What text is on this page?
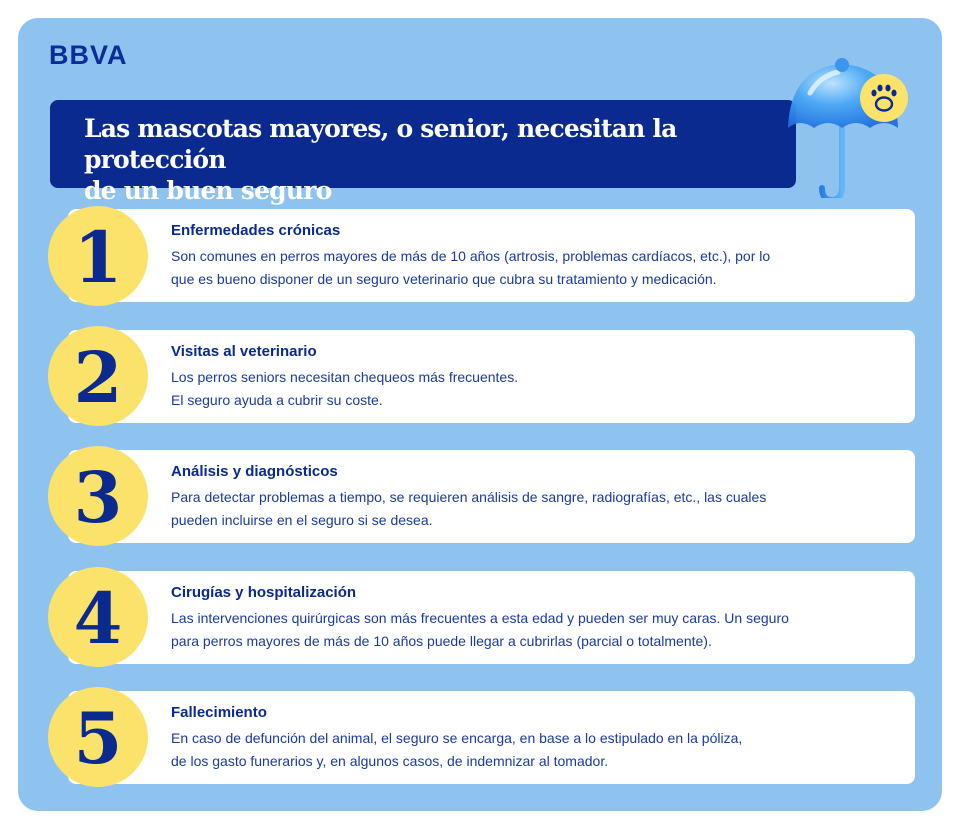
BBVA
Las mascotas mayores, o senior, necesitan la protección
de un buen seguro
Enfermedades crónicas
Son comunes en perros mayores de más de 10 años (artrosis, problemas cardíacos, etc.), por lo
que es bueno disponer de un seguro veterinario que cubra su tratamiento y medicación.
1
Visitas al veterinario
Los perros seniors necesitan chequeos más frecuentes.
El seguro ayuda a cubrir su coste.
2
Análisis y diagnósticos
Para detectar problemas a tiempo, se requieren análisis de sangre, radiografías, etc., las cuales
pueden incluirse en el seguro si se desea.
3
Cirugías y hospitalización
Las intervenciones quirúrgicas son más frecuentes a esta edad y pueden ser muy caras. Un seguro
para perros mayores de más de 10 años puede llegar a cubrirlas (parcial o totalmente).
4
Fallecimiento
En caso de defunción del animal, el seguro se encarga, en base a lo estipulado en la póliza,
de los gasto funerarios y, en algunos casos, de indemnizar al tomador.
5
